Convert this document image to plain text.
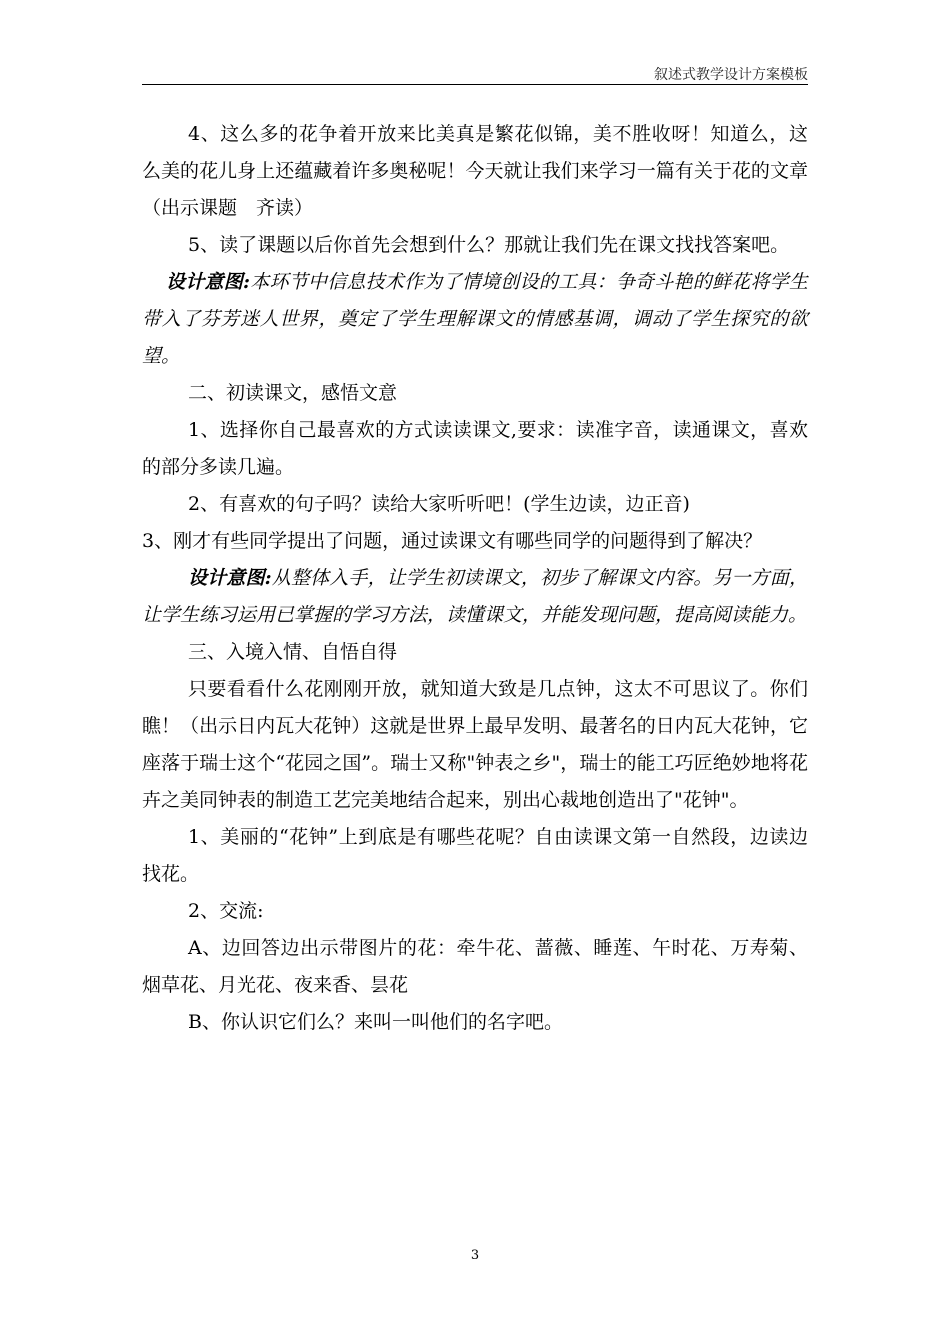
叙述式教学设计方案模板

4、这么多的花争着开放来比美真是繁花似锦，美不胜收呀！知道么，这么美的花儿身上还蕴藏着许多奥秘呢！今天就让我们来学习一篇有关于花的文章（出示课题　齐读）

5、读了课题以后你首先会想到什么？那就让我们先在课文找找答案吧。

设计意图:本环节中信息技术作为了情境创设的工具：争奇斗艳的鲜花将学生带入了芬芳迷人世界，奠定了学生理解课文的情感基调，调动了学生探究的欲望。

二、初读课文，感悟文意

1、选择你自己最喜欢的方式读读课文,要求：读准字音，读通课文，喜欢的部分多读几遍。

2、有喜欢的句子吗？读给大家听听吧！(学生边读，边正音)

3、刚才有些同学提出了问题，通过读课文有哪些同学的问题得到了解决？

设计意图:从整体入手，让学生初读课文，初步了解课文内容。另一方面，让学生练习运用已掌握的学习方法，读懂课文，并能发现问题，提高阅读能力。

三、入境入情、自悟自得

只要看看什么花刚刚开放，就知道大致是几点钟，这太不可思议了。你们瞧！（出示日内瓦大花钟）这就是世界上最早发明、最著名的日内瓦大花钟，它座落于瑞士这个“花园之国”。瑞士又称"钟表之乡"，瑞士的能工巧匠绝妙地将花卉之美同钟表的制造工艺完美地结合起来，别出心裁地创造出了"花钟"。

1、美丽的“花钟”上到底是有哪些花呢？自由读课文第一自然段，边读边找花。

2、交流:

A、边回答边出示带图片的花：牵牛花、蔷薇、睡莲、午时花、万寿菊、烟草花、月光花、夜来香、昙花

B、你认识它们么？来叫一叫他们的名字吧。

3
